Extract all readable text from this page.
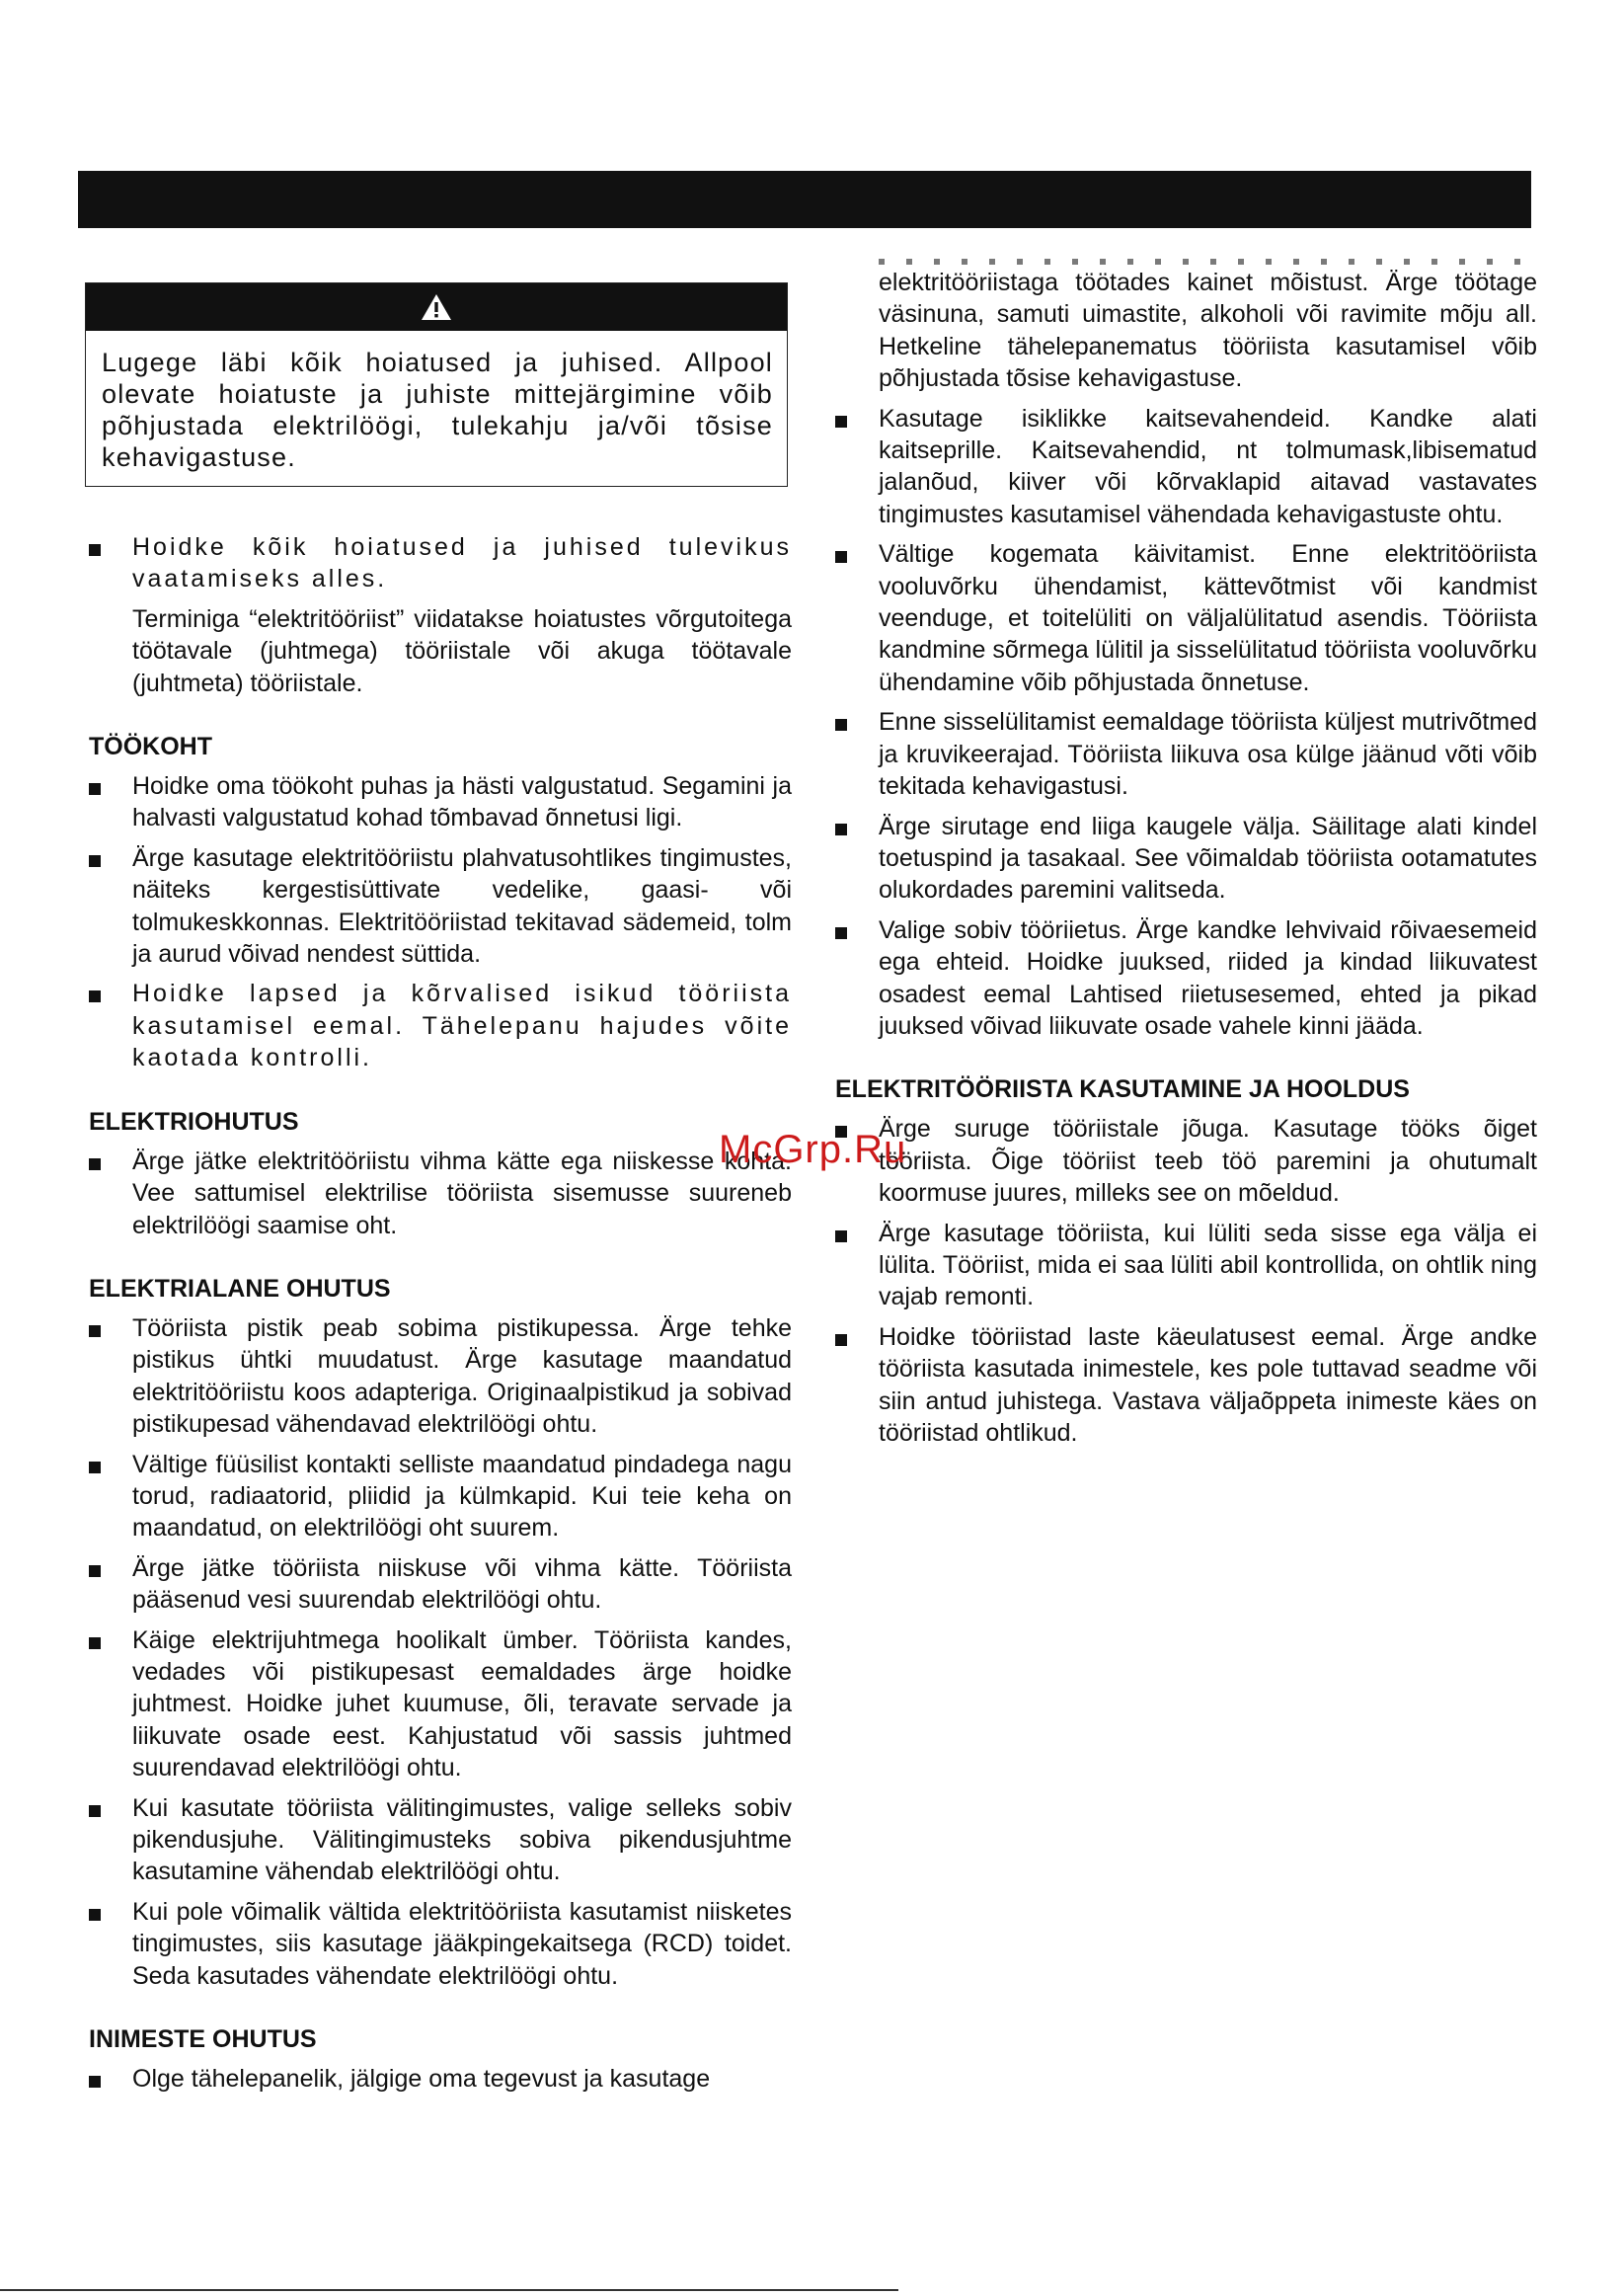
Lugege läbi kõik hoiatused ja juhised. Allpool olevate hoiatuste ja juhiste mittejärgimine võib põhjustada elektrilöögi, tulekahju ja/või tõsise kehavigastuse.
Hoidke kõik hoiatused ja juhised tulevikus vaatamiseks alles.
Terminiga “elektritööriist” viidatakse hoiatustes võrgutoitega töötavale (juhtmega) tööriistale või akuga töötavale (juhtmeta) tööriistale.
TÖÖKOHT
Hoidke oma töökoht puhas ja hästi valgustatud. Segamini ja halvasti valgustatud kohad tõmbavad õnnetusi ligi.
Ärge kasutage elektritööriistu plahvatusohtlikes tingimustes, näiteks kergestisüttivate vedelike, gaasi- või tolmukeskkonnas. Elektritööriistad tekitavad sädemeid, tolm ja aurud võivad nendest süttida.
Hoidke lapsed ja kõrvalised isikud tööriista kasutamisel eemal. Tähelepanu hajudes võite kaotada kontrolli.
ELEKTRIOHUTUS
Ärge jätke elektritööriistu vihma kätte ega niiskesse kohta. Vee sattumisel elektrilise tööriista sisemusse suureneb elektrilöögi saamise oht.
ELEKTRIALANE OHUTUS
Tööriista pistik peab sobima pistikupessa. Ärge tehke pistikus ühtki muudatust. Ärge kasutage maandatud elektritööriistu koos adapteriga. Originaalpistikud ja sobivad pistikupesad vähendavad elektrilöögi ohtu.
Vältige füüsilist kontakti selliste maandatud pindadega nagu torud, radiaatorid, pliidid ja külmkapid. Kui teie keha on maandatud, on elektrilöögi oht suurem.
Ärge jätke tööriista niiskuse või vihma kätte. Tööriista pääsenud vesi suurendab elektrilöögi ohtu.
Käige elektrijuhtmega hoolikalt ümber. Tööriista kandes, vedades või pistikupesast eemaldades ärge hoidke juhtmest. Hoidke juhet kuumuse, õli, teravate servade ja liikuvate osade eest. Kahjustatud või sassis juhtmed suurendavad elektrilöögi ohtu.
Kui kasutate tööriista välitingimustes, valige selleks sobiv pikendusjuhe. Välitingimusteks sobiva pikendusjuhtme kasutamine vähendab elektrilöögi ohtu.
Kui pole võimalik vältida elektritööriista kasutamist niisketes tingimustes, siis kasutage jääkpingekaitsega (RCD) toidet. Seda kasutades vähendate elektrilöögi ohtu.
INIMESTE OHUTUS
Olge tähelepanelik, jälgige oma tegevust ja kasutage
elektritööriistaga töötades kainet mõistust. Ärge töötage väsinuna, samuti uimastite, alkoholi või ravimite mõju all. Hetkeline tähelepanematus tööriista kasutamisel võib põhjustada tõsise kehavigastuse.
Kasutage isiklikke kaitsevahendeid. Kandke alati kaitseprille. Kaitsevahendid, nt tolmumask,libisematud jalanõud, kiiver või kõrvaklapid aitavad vastavates tingimustes kasutamisel vähendada kehavigastuste ohtu.
Vältige kogemata käivitamist. Enne elektritööriista vooluvõrku ühendamist, kättevõtmist või kandmist veenduge, et toitelüliti on väljalülitatud asendis. Tööriista kandmine sõrmega lülitil ja sisselülitatud tööriista vooluvõrku ühendamine võib põhjustada õnnetuse.
Enne sisselülitamist eemaldage tööriista küljest mutrivõtmed ja kruvikeerajad. Tööriista liikuva osa külge jäänud võti võib tekitada kehavigastusi.
Ärge sirutage end liiga kaugele välja. Säilitage alati kindel toetuspind ja tasakaal. See võimaldab tööriista ootamatutes olukordades paremini valitseda.
Valige sobiv tööriietus. Ärge kandke lehvivaid rõivaesemeid ega ehteid. Hoidke juuksed, riided ja kindad liikuvatest osadest eemal Lahtised riietusesemed, ehted ja pikad juuksed võivad liikuvate osade vahele kinni jääda.
ELEKTRITÖÖRIISTA KASUTAMINE JA HOOLDUS
Ärge suruge tööriistale jõuga. Kasutage tööks õiget tööriista. Õige tööriist teeb töö paremini ja ohutumalt koormuse juures, milleks see on mõeldud.
Ärge kasutage tööriista, kui lüliti seda sisse ega välja ei lülita. Tööriist, mida ei saa lüliti abil kontrollida, on ohtlik ning vajab remonti.
Hoidke tööriistad laste käeulatusest eemal. Ärge andke tööriista kasutada inimestele, kes pole tuttavad seadme või siin antud juhistega. Vastava väljaõppeta inimeste käes on tööriistad ohtlikud.
McGrp.Ru
